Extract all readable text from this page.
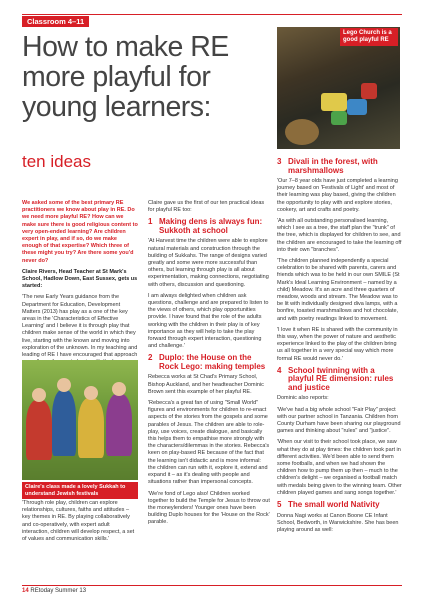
Classroom 4–11
How to make RE more playful for young learners:
ten ideas
Lego Church is a good playful RE

We asked some of the best primary RE practitioners we know about play in RE. Do we need more playful RE? How can we make sure there is good religious content to very open-ended learning? Are children expert in play, and if so, do we make enough of that expertise? Which three of these might you try? Are there some you'd never do?

Claire Rivers, Head Teacher at St Mark's School, Hadlow Down, East Sussex, gets us started:

'The new Early Years guidance from the Department for Education, Development Matters (2013) has play as a one of the key areas in the 'Characteristics of Effective Learning' and I believe it is through play that children make sense of the world in which they live, starting with the known and moving into exploration of the unknown. In my teaching and leading of RE I have encouraged that approach

Claire's class made a lovely Sukkah to understand Jewish festivals

'Through role play, children can explore relationships, cultures, faiths and attitudes – key themes in RE. By playing collaboratively and co-operatively, with expert adult interaction, children will develop respect, a set of values and communication skills.'

Claire gave us the first of our ten practical ideas for playful RE too:

1 Making dens is always fun: Sukkoth at school

'At Harvest time the children were able to explore natural materials and construction through the building of Sukkahs. The range of designs varied greatly and some were more successful than others, but learning through play is all about experimentation, making connections, negotiating with others, discussion and questioning.

I am always delighted when children ask questions, challenge and are prepared to listen to the views of others, which play opportunities provide. I have found that the role of the adults working with the children in their play is of key importance as they will help to take the play forward through expert interaction, questioning and challenge.'

2 Duplo: the House on the Rock Lego: making temples

Rebecca works at St Chad's Primary School, Bishop Auckland, and her headteacher Dominic Brown sent this example of her playful RE.

'Rebecca's a great fan of using "Small World" figures and environments for children to re-enact aspects of the stories from the gospels and some parables of Jesus. The children are able to role-play, use voices, create dialogue, and basically this helps them to empathise more strongly with the characters/dilemmas in the stories. Rebecca's keen on play-based RE because of the fact that the learning isn't didactic and is more informal: the children can run with it, explore it, extend and expand it – as it's dealing with people and situations rather than impersonal concepts.

'We're fond of Lego also! Children worked together to build the Temple for Jesus to throw out the moneylenders! Younger ones have been building Duplo houses for the 'House on the Rock' parable.

3 Divali in the forest, with marshmallows

'Our 7–8 year olds have just completed a learning journey based on 'Festivals of Light' and most of their learning was play based, giving the children the opportunity to play with and explore stories, cookery, art and crafts and poetry.

'As with all outstanding personalised learning, which I see as a tree, the staff plan the "trunk" of the tree, which is displayed for children to see, and the children are encouraged to take the learning off into their own "branches".

'The children planned independently a special celebration to be shared with parents, carers and friends which was to be held in our own SMILE (St Mark's Ideal Learning Environment – named by a child) Meadow. It's an acre and three quarters of meadow, woods and stream. The Meadow was to be lit with individually designed diva lamps, with a bonfire, toasted marshmallows and hot chocolate, and with poetry readings linked to movement.

'I love it when RE is shared with the community in this way, when the power of nature and aesthetic experience linked to the play of the children bring us all together in a very special way which more formal RE would never do.'

4 School twinning with a playful RE dimension: rules and justice

Dominic also reports:

'We've had a big whole school "Fair Play" project with our partner school in Tanzania. Children from County Durham have been sharing our playground games and thinking about "rules" and "justice".

'When our visit to their school took place, we saw what they do at play times: the children took part in different activities. We'd been able to send them some footballs, and when we had shown the children how to pump them up then – much to the children's delight – we organised a football match with medals being given to the winning team. Other children played games and sang songs together.'

5 The small world Nativity

Donna Nagi works at Canon Boone CE Infant School, Bedworth, in Warwickshire. She has been playing around as well:

14 REtoday Summer 13
